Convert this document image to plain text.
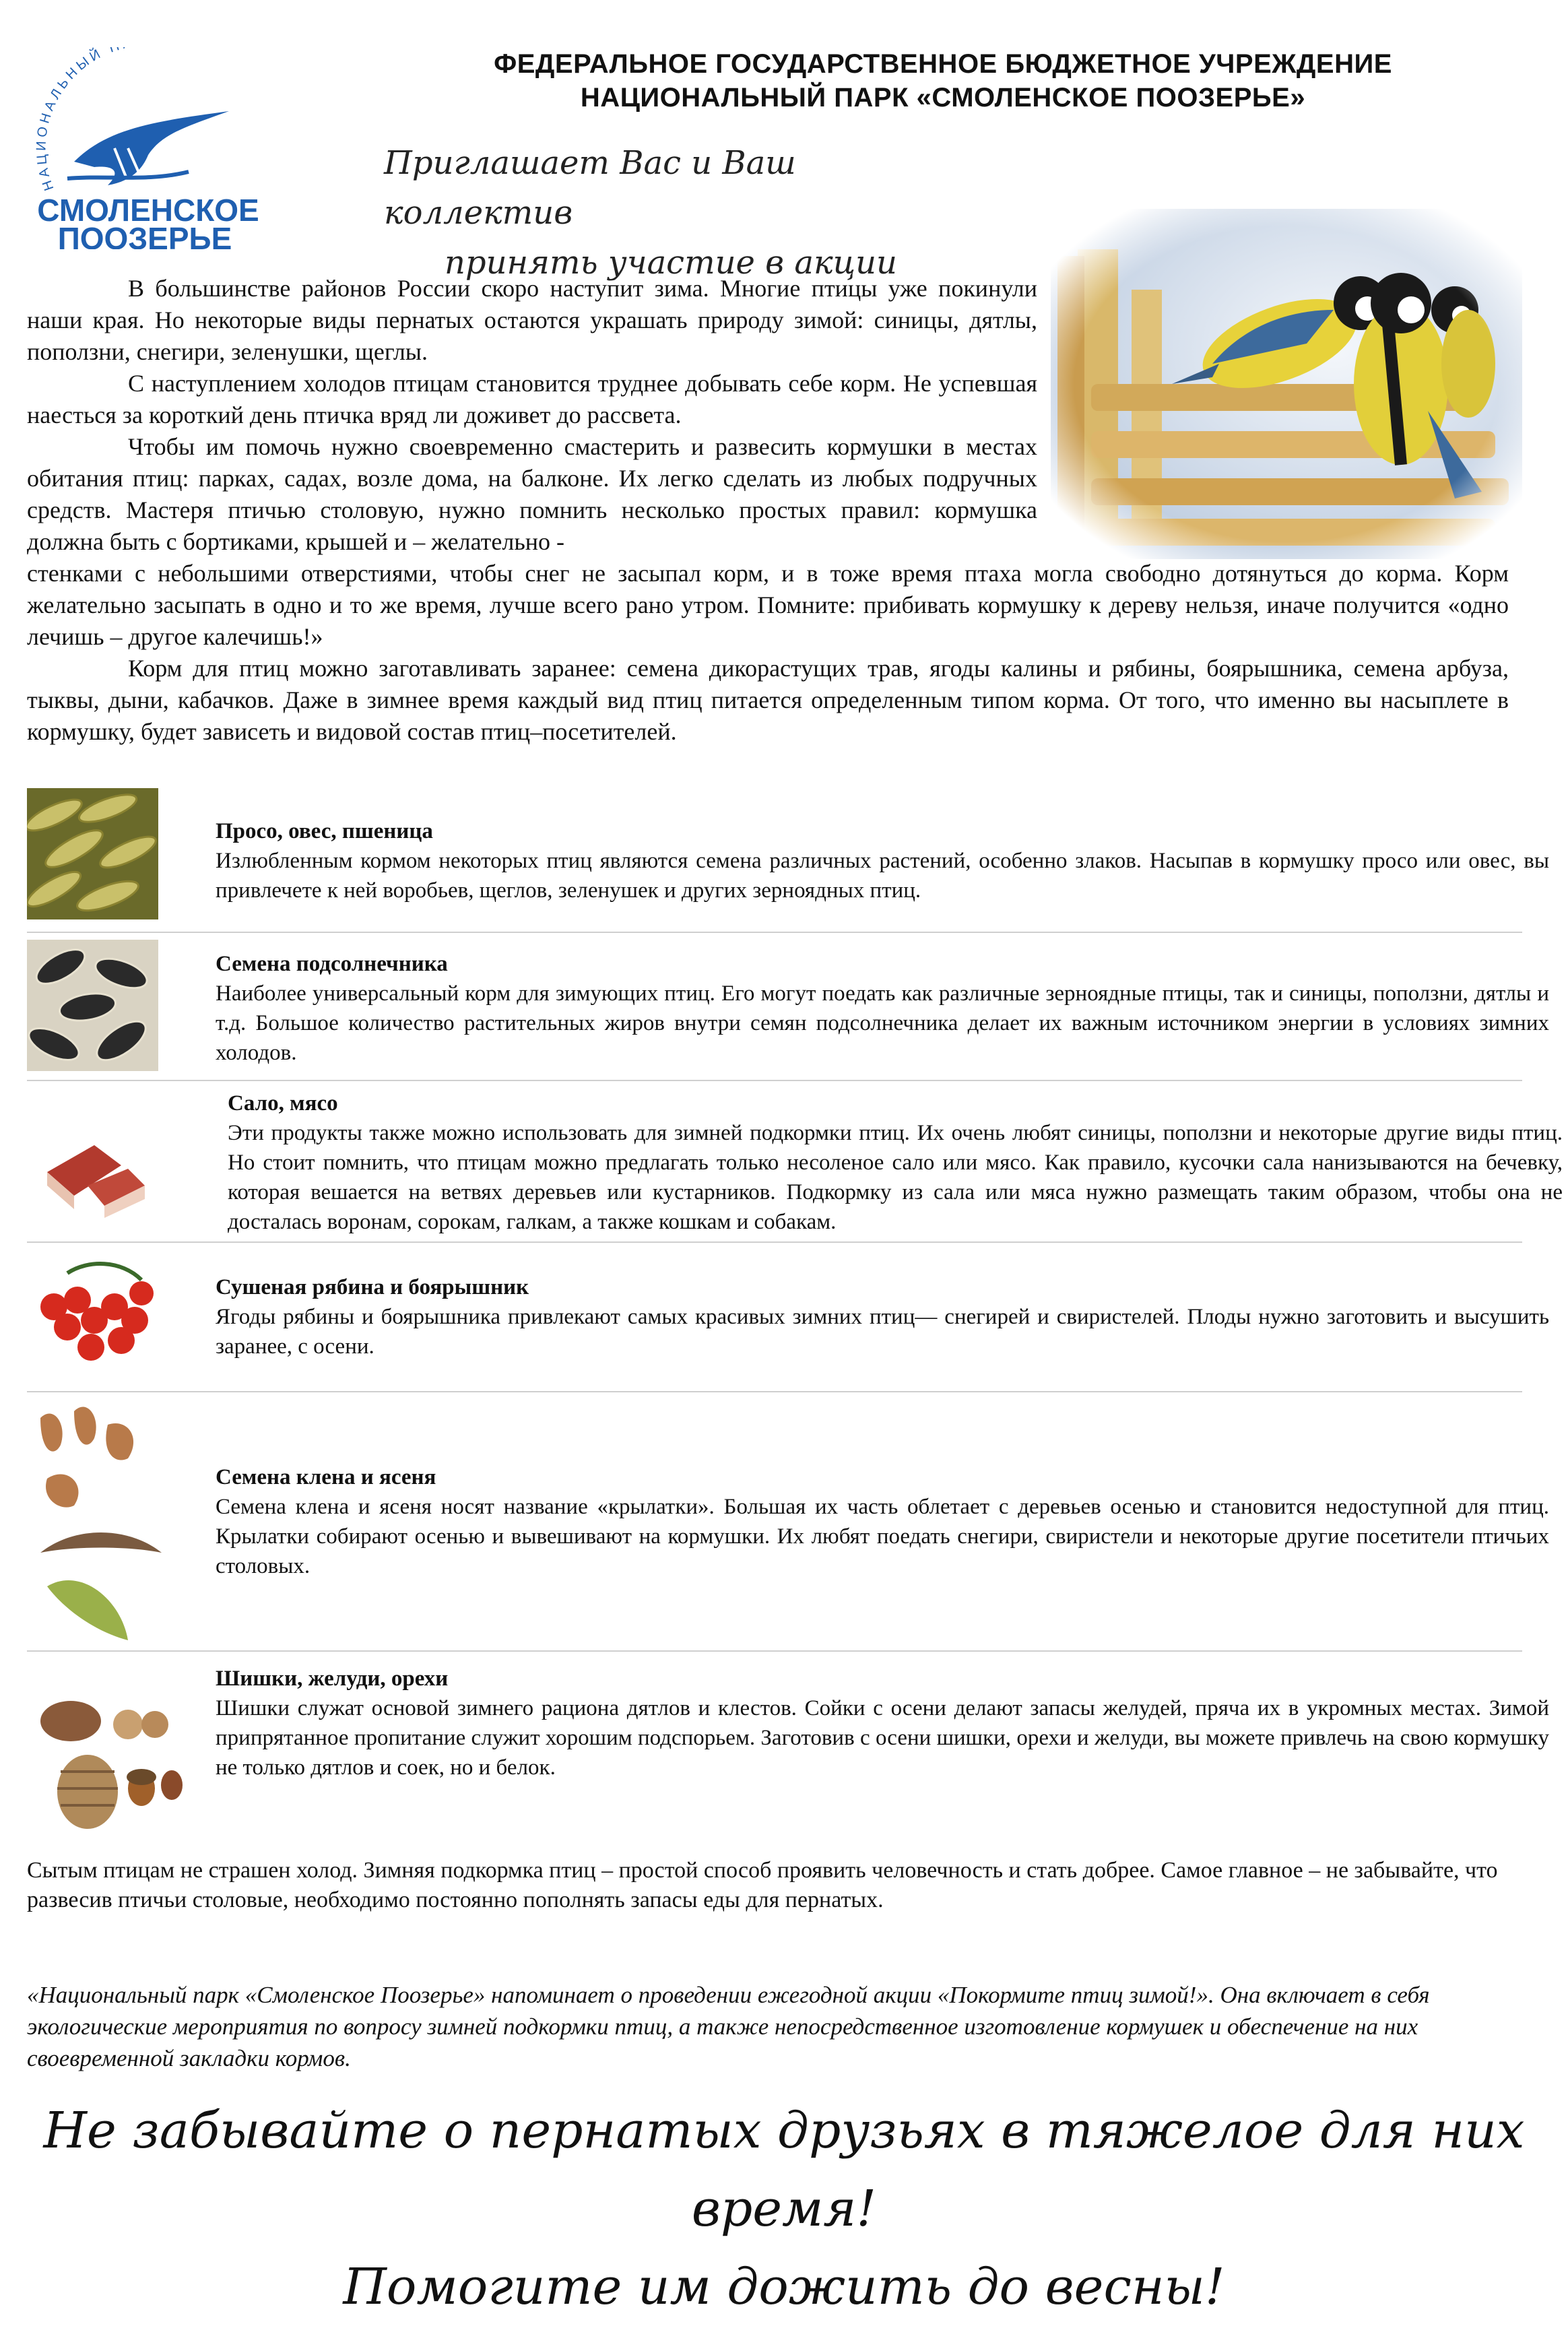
НАЦИОНАЛЬНЫЙ
СМОЛЕНСКОЕ
ПООЗЕРЬЕ
ФЕДЕРАЛЬНОЕ ГОСУДАРСТВЕННОЕ БЮДЖЕТНОЕ УЧРЕЖДЕНИЕ
НАЦИОНАЛЬНЫЙ ПАРК «СМОЛЕНСКОЕ ПООЗЕРЬЕ»
Приглашает Вас и Ваш коллектив
принять участие в акции

В большинстве районов России скоро наступит зима. Многие птицы уже покинули наши края. Но некоторые виды пернатых остаются украшать природу зимой: синицы, дятлы, поползни, снегири, зеленушки, щеглы.

С наступлением холодов птицам становится труднее добывать себе корм. Не успевшая наесться за короткий день птичка вряд ли доживет до рассвета.

Чтобы им помочь нужно своевременно смастерить и развесить кормушки в местах обитания птиц: парках, садах, возле дома, на балконе. Их легко сделать из любых подручных средств. Мастеря птичью столовую, нужно помнить несколько простых правил: кормушка должна быть с бортиками, крышей и – желательно -

стенками с небольшими отверстиями, чтобы снег не засыпал корм, и в тоже время птаха могла свободно дотянуться до корма. Корм желательно засыпать в одно и то же время, лучше всего рано утром. Помните: прибивать кормушку к дереву нельзя, иначе получится «одно лечишь – другое калечишь!»

Корм для птиц можно заготавливать заранее: семена дикорастущих трав, ягоды калины и рябины, боярышника, семена арбуза, тыквы, дыни, кабачков. Даже в зимнее время каждый вид птиц питается определенным типом корма. От того, что именно вы насыплете в кормушку, будет зависеть и видовой состав птиц–посетителей.

Просо, овес, пшеница
Излюбленным кормом некоторых птиц являются семена различных растений, особенно злаков. Насыпав в кормушку просо или овес, вы привлечете к ней воробьев, щеглов, зеленушек и других зерноядных птиц.
Семена подсолнечника
Наиболее универсальный корм для зимующих птиц. Его могут поедать как различные зерноядные птицы, так и синицы, поползни, дятлы и т.д. Большое количество растительных жиров внутри семян подсолнечника делает их важным источником энергии в условиях зимних холодов.
Сало, мясо
Эти продукты также можно использовать для зимней подкормки птиц. Их очень любят синицы, поползни и некоторые другие виды птиц. Но стоит помнить, что птицам можно предлагать только несоленое сало или мясо. Как правило, кусочки сала нанизываются на бечевку, которая вешается на ветвях деревьев или кустарников. Подкормку из сала или мяса нужно размещать таким образом, чтобы она не досталась воронам, сорокам, галкам, а также кошкам и собакам.
Сушеная рябина и боярышник
Ягоды рябины и боярышника привлекают самых красивых зимних птиц— снегирей и свиристелей. Плоды нужно заготовить и высушить заранее, с осени.
Семена клена и ясеня
Семена клена и ясеня носят название «крылатки». Большая их часть облетает с деревьев осенью и становится недоступной для птиц. Крылатки собирают осенью и вывешивают на кормушки. Их любят поедать снегири, свиристели и некоторые другие посетители птичьих столовых.
Шишки, желуди, орехи
Шишки служат основой зимнего рациона дятлов и клестов. Сойки с осени делают запасы желудей, пряча их в укромных местах. Зимой припрятанное пропитание служит хорошим подспорьем. Заготовив с осени шишки, орехи и желуди, вы можете привлечь на свою кормушку не только дятлов и соек, но и белок.
Сытым птицам не страшен холод. Зимняя подкормка птиц – простой способ проявить человечность и стать добрее. Самое главное – не забывайте, что развесив птичьи столовые, необходимо постоянно пополнять запасы еды для пернатых.
«Национальный парк «Смоленское Поозерье» напоминает о проведении ежегодной акции «Покормите птиц зимой!». Она включает в себя экологические мероприятия по вопросу зимней подкормки птиц, а также непосредственное изготовление кормушек и обеспечение на них своевременной закладки кормов.
Не забывайте о пернатых друзьях в тяжелое для них время!
Помогите им дожить до весны!
